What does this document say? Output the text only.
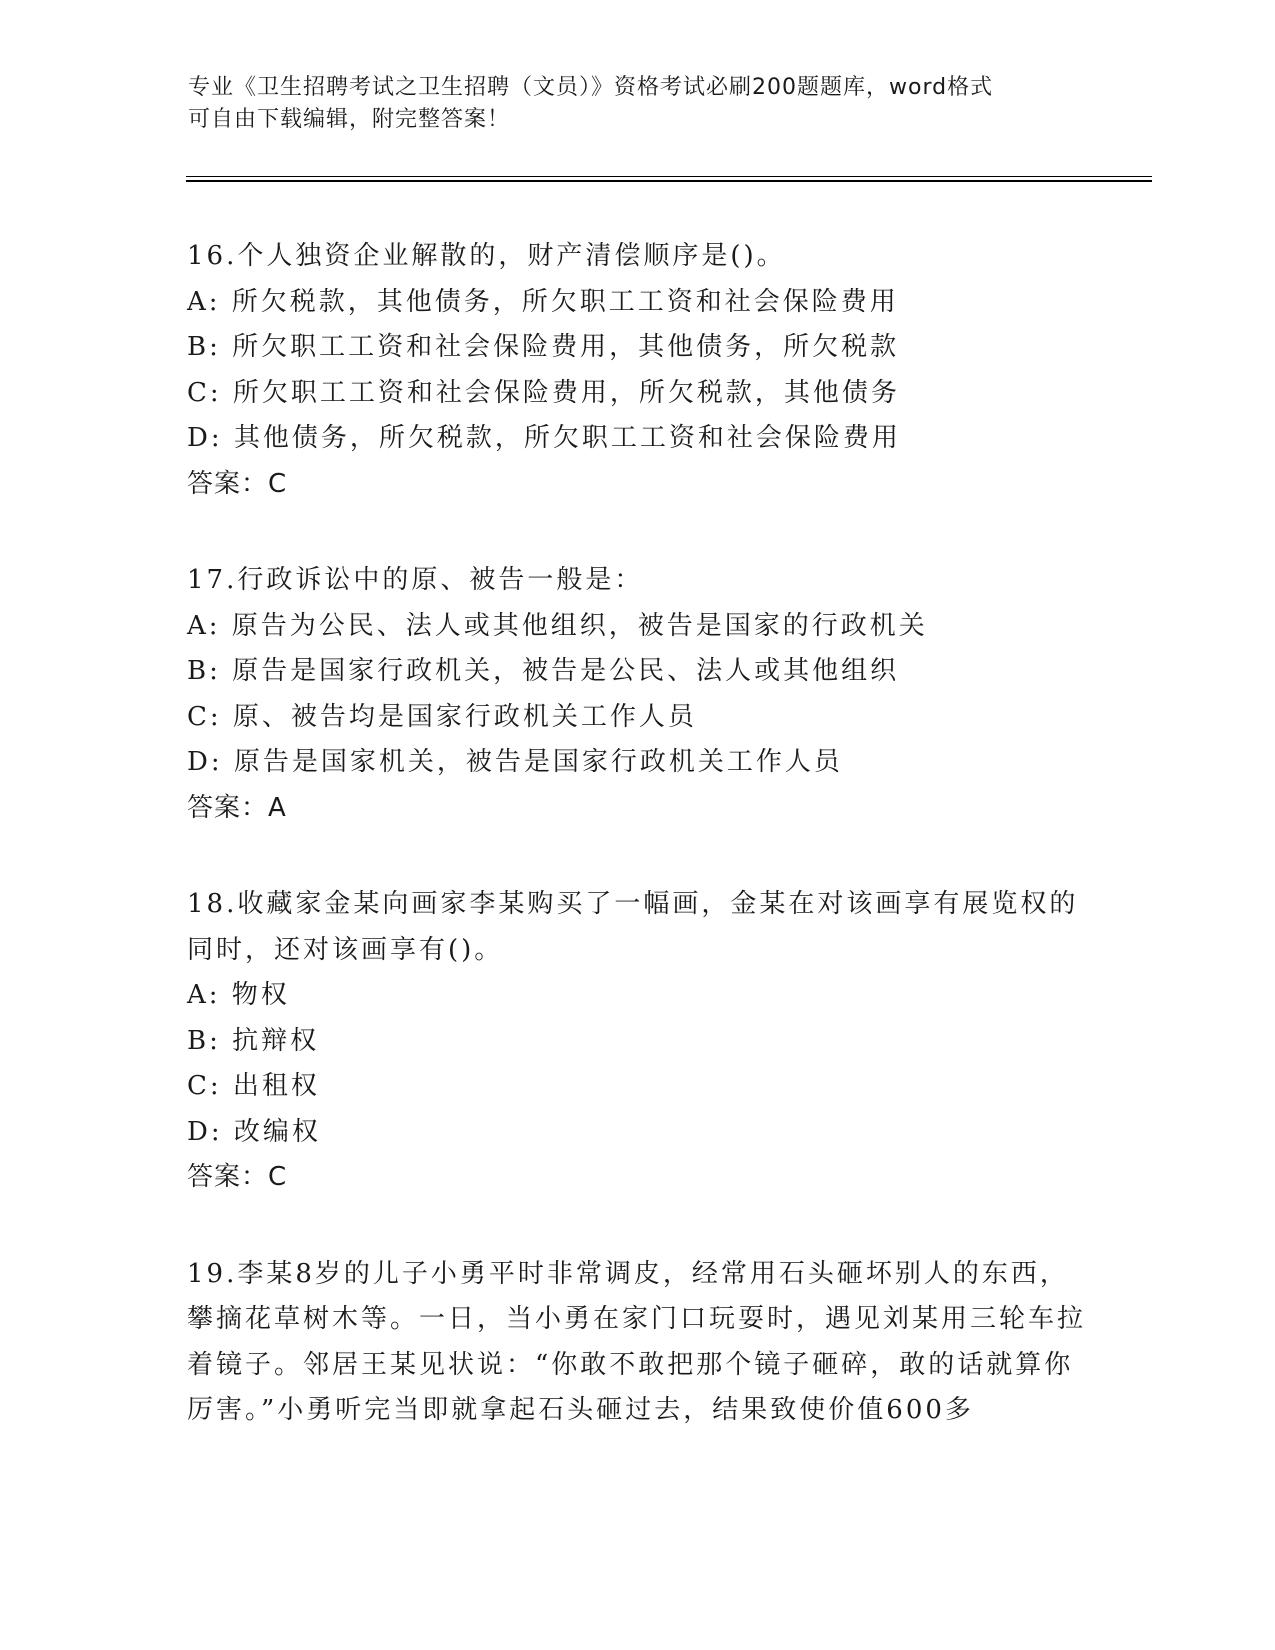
专业《卫生招聘考试之卫生招聘（文员）》资格考试必刷200题题库，word格式
可自由下载编辑，附完整答案！
16.个人独资企业解散的，财产清偿顺序是()。
A: 所欠税款，其他债务，所欠职工工资和社会保险费用
B: 所欠职工工资和社会保险费用，其他债务，所欠税款
C: 所欠职工工资和社会保险费用，所欠税款，其他债务
D: 其他债务，所欠税款，所欠职工工资和社会保险费用
答案：C
17.行政诉讼中的原、被告一般是：
A: 原告为公民、法人或其他组织，被告是国家的行政机关
B: 原告是国家行政机关，被告是公民、法人或其他组织
C: 原、被告均是国家行政机关工作人员
D: 原告是国家机关，被告是国家行政机关工作人员
答案：A
18.收藏家金某向画家李某购买了一幅画，金某在对该画享有展览权的同时，还对该画享有()。
A: 物权
B: 抗辩权
C: 出租权
D: 改编权
答案：C
19.李某8岁的儿子小勇平时非常调皮，经常用石头砸坏别人的东西，攀摘花草树木等。一日，当小勇在家门口玩耍时，遇见刘某用三轮车拉着镜子。邻居王某见状说：“你敢不敢把那个镜子砸碎，敢的话就算你厉害。”小勇听完当即就拿起石头砸过去，结果致使价值600多
